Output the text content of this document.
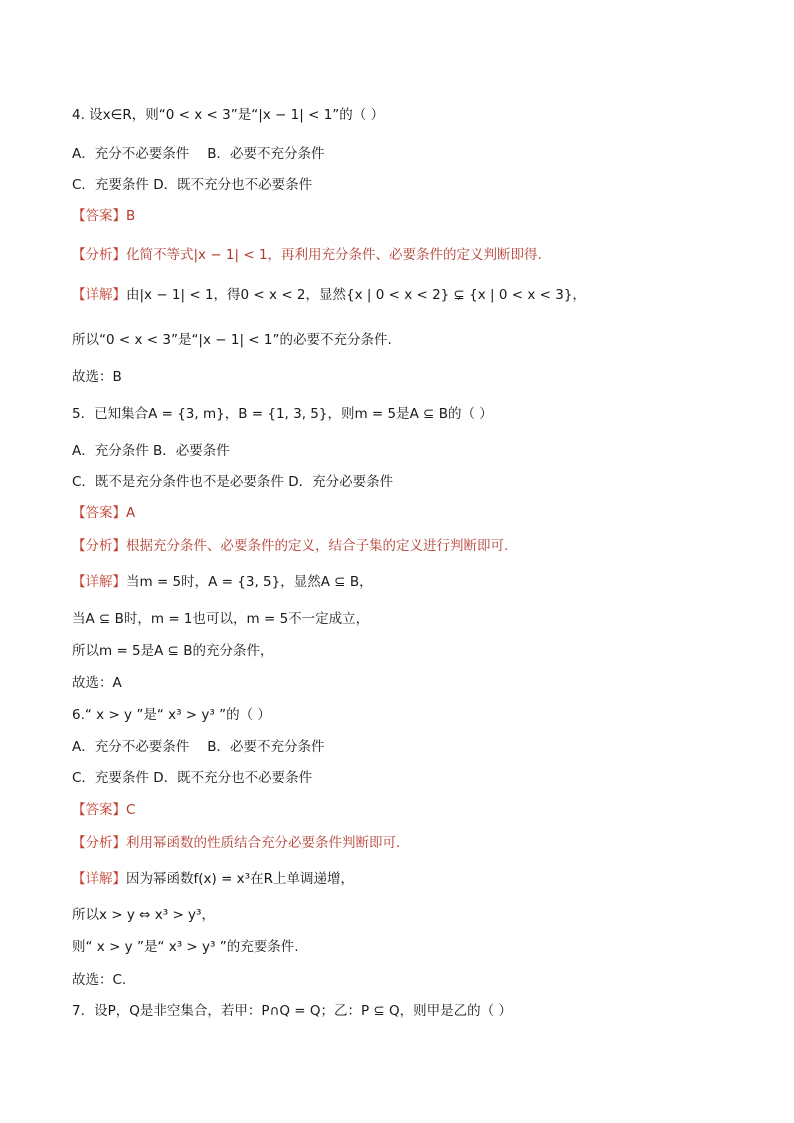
4. 设x∈R，则“0 < x < 3”是“|x − 1| < 1”的（ ）
A．充分不必要条件 B．必要不充分条件
C．充要条件 D．既不充分也不必要条件
【答案】B
【分析】化简不等式|x − 1| < 1，再利用充分条件、必要条件的定义判断即得.
【详解】由|x − 1| < 1，得0 < x < 2，显然{x | 0 < x < 2} ⊊ {x | 0 < x < 3}，
所以“0 < x < 3”是“|x − 1| < 1”的必要不充分条件.
故选：B
5．已知集合A = {3, m}，B = {1, 3, 5}，则m = 5是A ⊆ B的（ ）
A．充分条件 B．必要条件
C．既不是充分条件也不是必要条件 D．充分必要条件
【答案】A
【分析】根据充分条件、必要条件的定义，结合子集的定义进行判断即可.
【详解】当m = 5时，A = {3, 5}，显然A ⊆ B，
当A ⊆ B时，m = 1也可以，m = 5不一定成立，
所以m = 5是A ⊆ B的充分条件，
故选：A
6.“ x > y ”是“ x³ > y³ ”的（ ）
A．充分不必要条件 B．必要不充分条件
C．充要条件 D．既不充分也不必要条件
【答案】C
【分析】利用幂函数的性质结合充分必要条件判断即可.
【详解】因为幂函数f(x) = x³在R上单调递增，
所以x > y ⇔ x³ > y³，
则“ x > y ”是“ x³ > y³ ”的充要条件.
故选：C.
7．设P，Q是非空集合，若甲：P∩Q = Q；乙：P ⊆ Q，则甲是乙的（ ）
